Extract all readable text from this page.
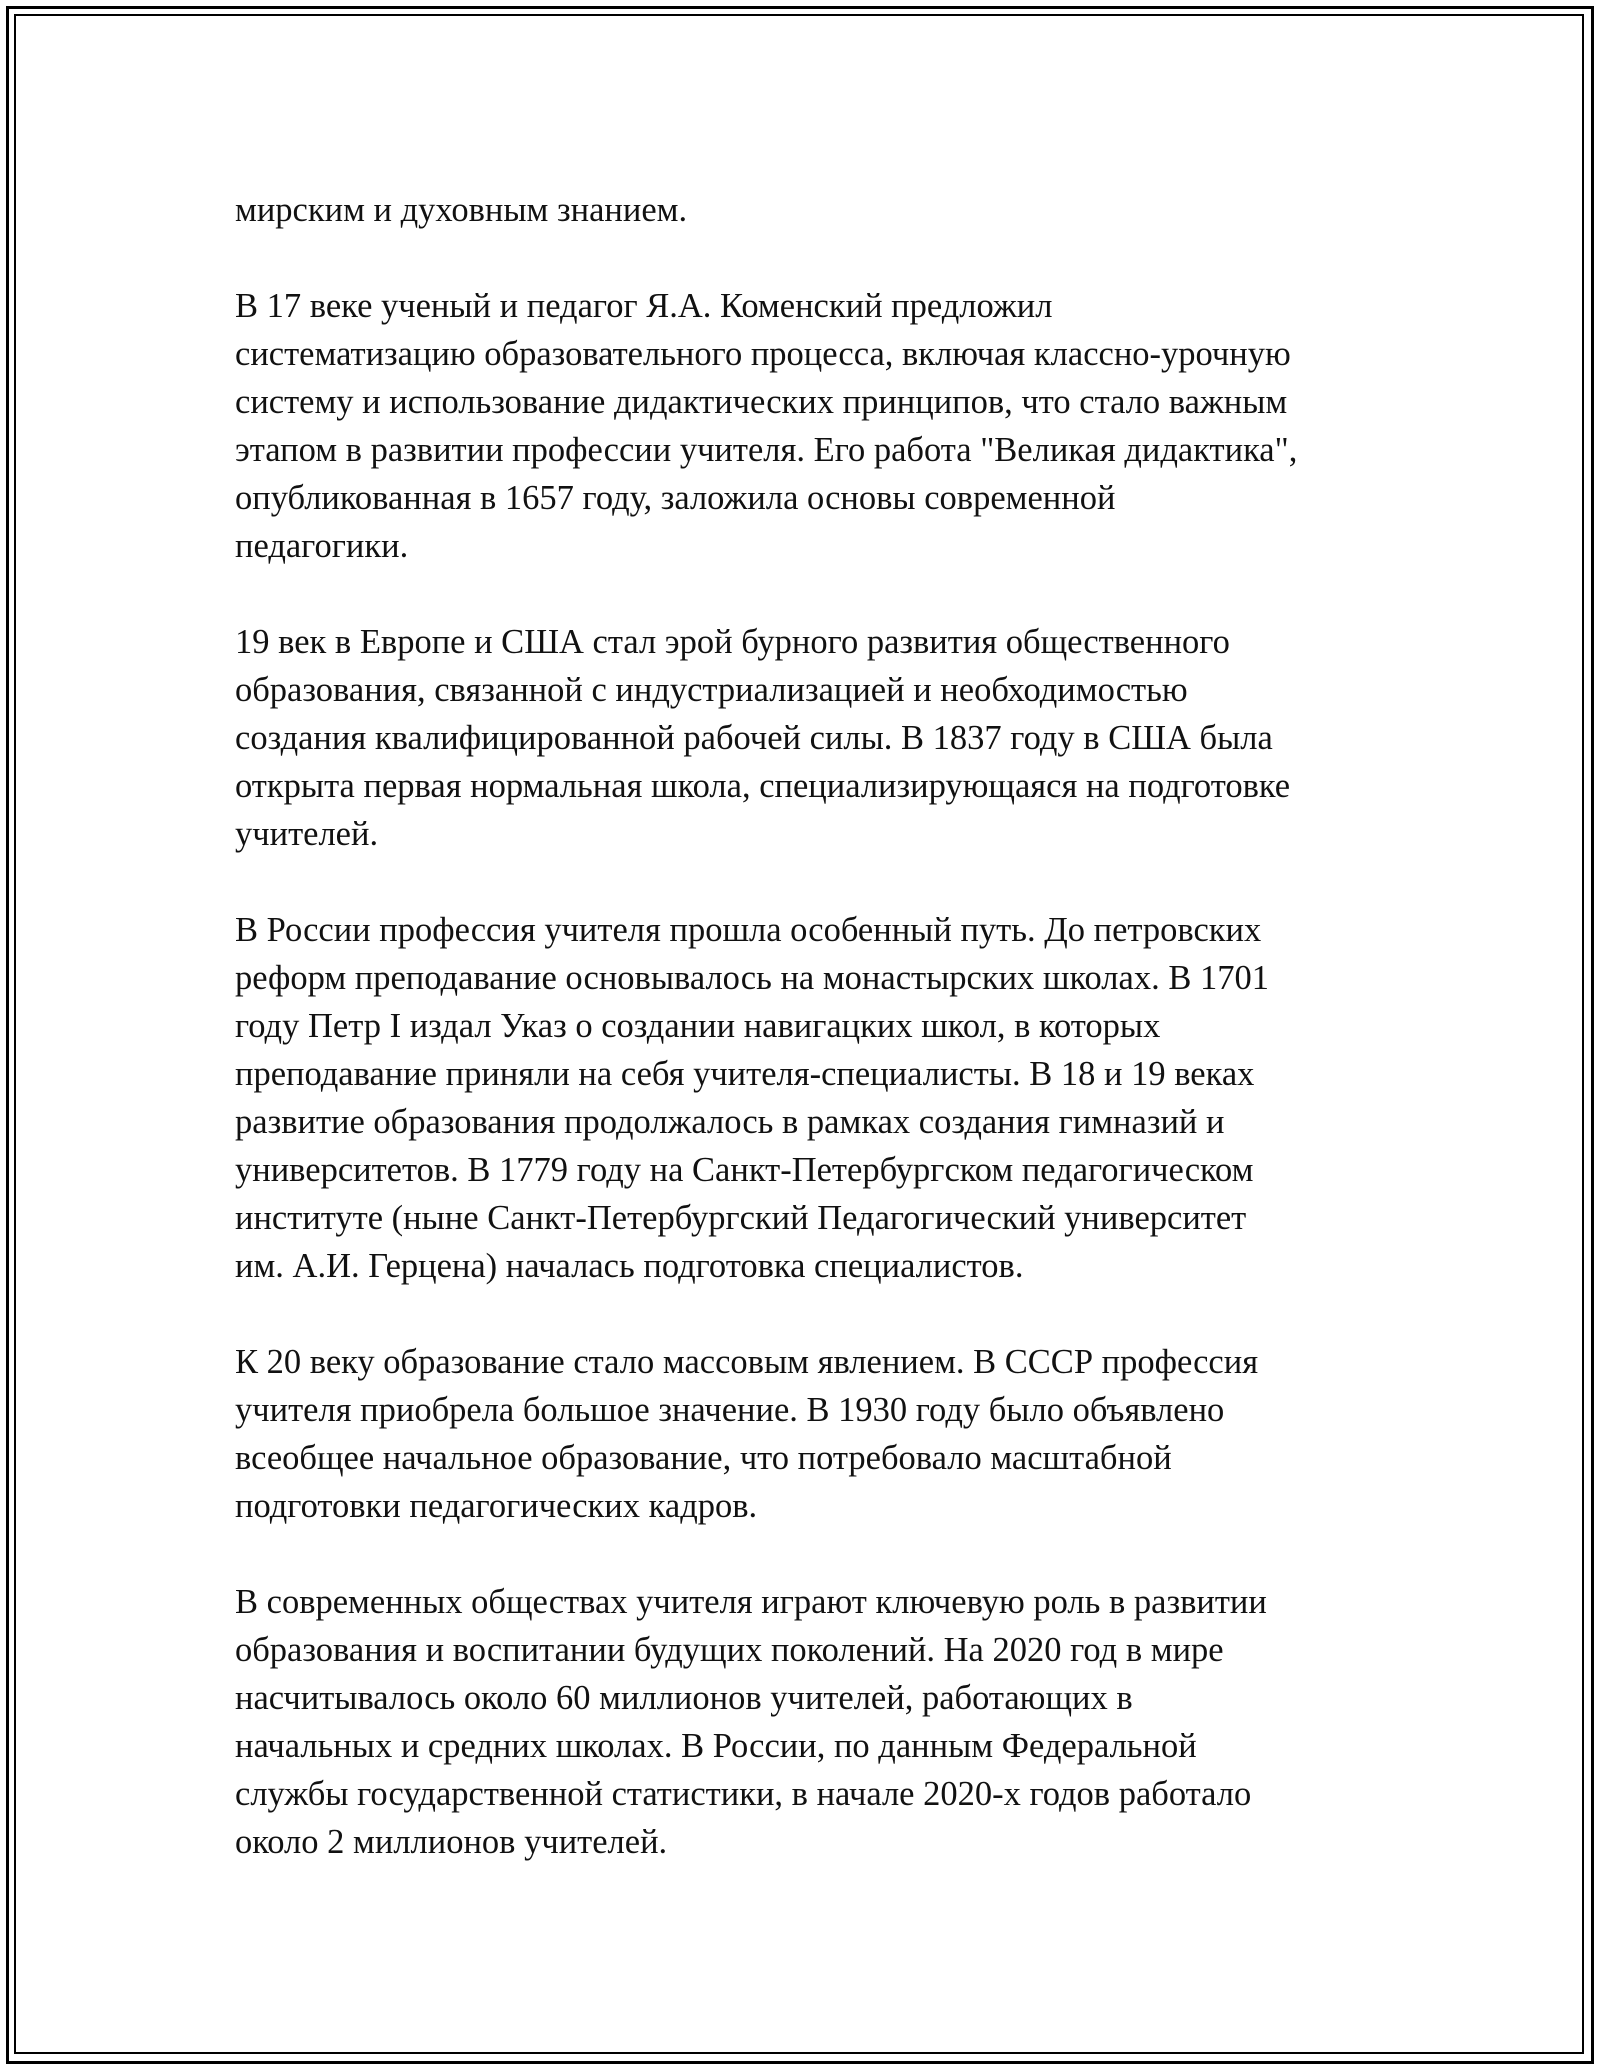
мирским и духовным знанием.

В 17 веке ученый и педагог Я.А. Коменский предложил
систематизацию образовательного процесса, включая классно-урочную
систему и использование дидактических принципов, что стало важным
этапом в развитии профессии учителя. Его работа "Великая дидактика",
опубликованная в 1657 году, заложила основы современной
педагогики.

19 век в Европе и США стал эрой бурного развития общественного
образования, связанной с индустриализацией и необходимостью
создания квалифицированной рабочей силы. В 1837 году в США была
открыта первая нормальная школа, специализирующаяся на подготовке
учителей.

В России профессия учителя прошла особенный путь. До петровских
реформ преподавание основывалось на монастырских школах. В 1701
году Петр I издал Указ о создании навигацких школ, в которых
преподавание приняли на себя учителя-специалисты. В 18 и 19 веках
развитие образования продолжалось в рамках создания гимназий и
университетов. В 1779 году на Санкт-Петербургском педагогическом
институте (ныне Санкт-Петербургский Педагогический университет
им. А.И. Герцена) началась подготовка специалистов.

К 20 веку образование стало массовым явлением. В СССР профессия
учителя приобрела большое значение. В 1930 году было объявлено
всеобщее начальное образование, что потребовало масштабной
подготовки педагогических кадров.

В современных обществах учителя играют ключевую роль в развитии
образования и воспитании будущих поколений. На 2020 год в мире
насчитывалось около 60 миллионов учителей, работающих в
начальных и средних школах. В России, по данным Федеральной
службы государственной статистики, в начале 2020-х годов работало
около 2 миллионов учителей.
